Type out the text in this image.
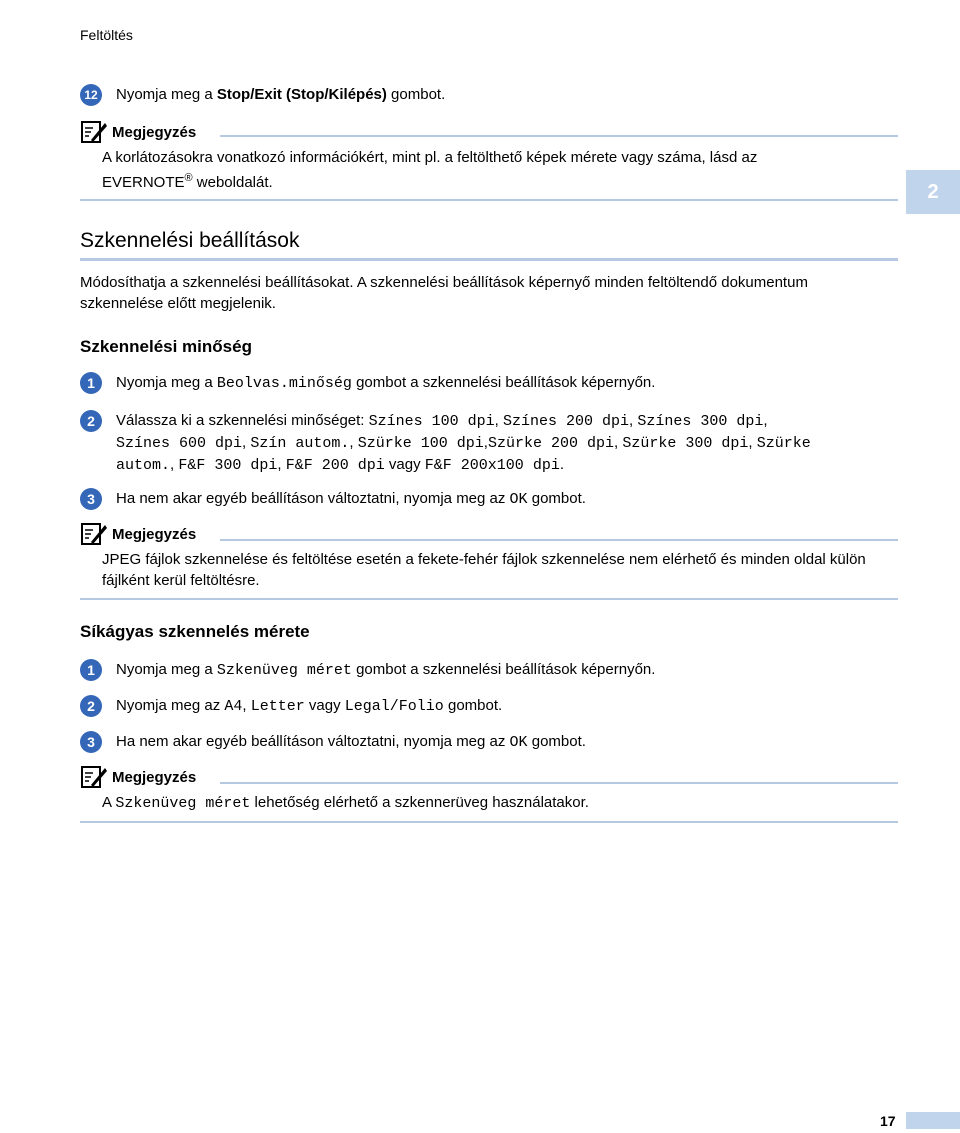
Feltöltés
2
12 Nyomja meg a Stop/Exit (Stop/Kilépés) gombot.
Megjegyzés
A korlátozásokra vonatkozó információkért, mint pl. a feltölthető képek mérete vagy száma, lásd az
EVERNOTE® weboldalát.
Szkennelési beállítások
Módosíthatja a szkennelési beállításokat. A szkennelési beállítások képernyő minden feltöltendő dokumentum szkennelése előtt megjelenik.
Szkennelési minőség
1	Nyomja meg a Beolvas.minőség gombot a szkennelési beállítások képernyőn.
2	Válassza ki a szkennelési minőséget: Színes 100 dpi, Színes 200 dpi, Színes 300 dpi,
Színes 600 dpi, Szín autom., Szürke 100 dpi,Szürke 200 dpi, Szürke 300 dpi, Szürke
autom., F&F 300 dpi, F&F 200 dpi vagy F&F 200x100 dpi.
3	Ha nem akar egyéb beállításon változtatni, nyomja meg az OK gombot.
Megjegyzés
JPEG fájlok szkennelése és feltöltése esetén a fekete-fehér fájlok szkennelése nem elérhető és minden oldal külön fájlként kerül feltöltésre.
Síkágyas szkennelés mérete
1	Nyomja meg a Szkenüveg méret gombot a szkennelési beállítások képernyőn.
2	Nyomja meg az A4, Letter vagy Legal/Folio gombot.
3	Ha nem akar egyéb beállításon változtatni, nyomja meg az OK gombot.
Megjegyzés
A Szkenüveg méret lehetőség elérhető a szkennerüveg használatakor.
17
